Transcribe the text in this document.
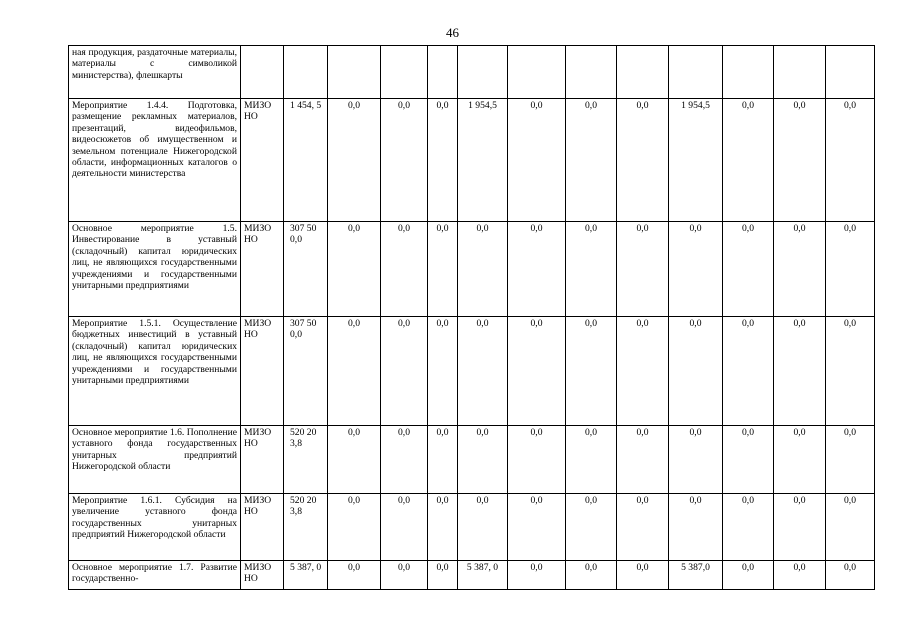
46
ная продукция, раздаточные материалы, материалы с символикой министерства), флешкарты													
Мероприятие 1.4.4. Подготовка, размещение рекламных материалов, презентаций, видеофильмов, видеосюжетов об имущественном и земельном потенциале Нижегородской области, информационных каталогов о деятельности министерства	МИЗО НО	1 454, 5	0,0	0,0	0,0	1 954,5	0,0	0,0	0,0	1 954,5	0,0	0,0	0,0
Основное мероприятие 1.5. Инвестирование в уставный (складочный) капитал юридических лиц, не являющихся государственными учреждениями и государственными унитарными предприятиями	МИЗО НО	307 50 0,0	0,0	0,0	0,0	0,0	0,0	0,0	0,0	0,0	0,0	0,0	0,0
Мероприятие 1.5.1. Осуществление бюджетных инвестиций в уставный (складочный) капитал юридических лиц, не являющихся государственными учреждениями и государственными унитарными предприятиями	МИЗО НО	307 50 0,0	0,0	0,0	0,0	0,0	0,0	0,0	0,0	0,0	0,0	0,0	0,0
Основное мероприятие 1.6. Пополнение уставного фонда государственных унитарных предприятий Нижегородской области	МИЗО НО	520 20 3,8	0,0	0,0	0,0	0,0	0,0	0,0	0,0	0,0	0,0	0,0	0,0
Мероприятие 1.6.1. Субсидия на увеличение уставного фонда государственных унитарных предприятий Нижегородской области	МИЗО НО	520 20 3,8	0,0	0,0	0,0	0,0	0,0	0,0	0,0	0,0	0,0	0,0	0,0
Основное мероприятие 1.7. Развитие государственно-	МИЗО НО	5 387, 0	0,0	0,0	0,0	5 387, 0	0,0	0,0	0,0	5 387,0	0,0	0,0	0,0
